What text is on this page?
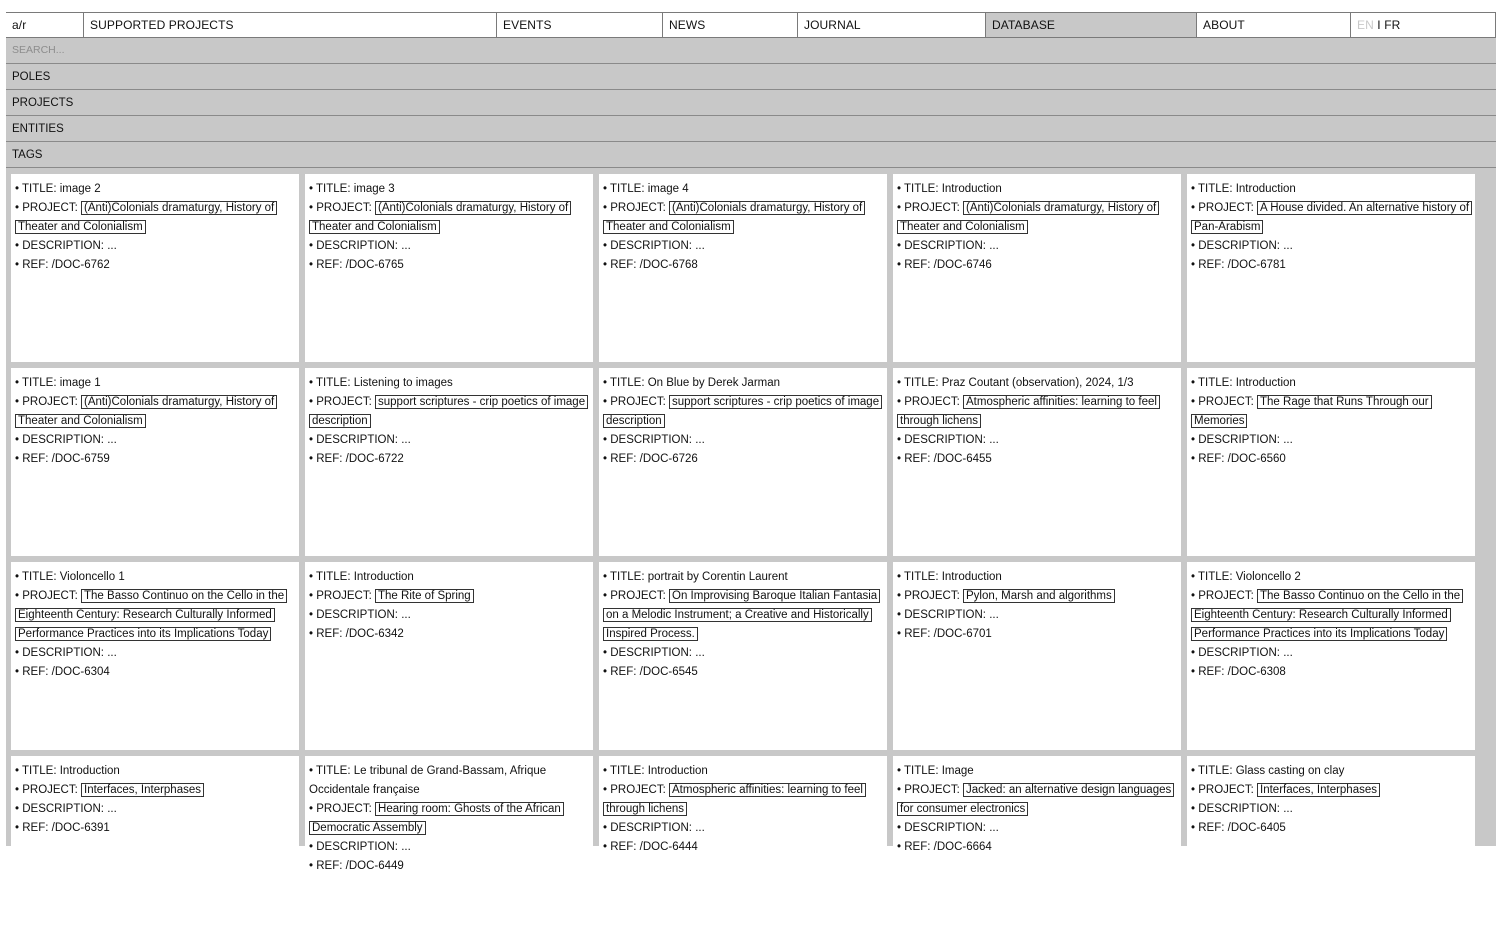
a/r	SUPPORTED PROJECTS	EVENTS	NEWS	JOURNAL	DATABASE	ABOUT	EN I FR
SEARCH...
POLES
PROJECTS
ENTITIES
TAGS
• TITLE: image 2
• PROJECT: (Anti)Colonials dramaturgy, History of Theater and Colonialism
• DESCRIPTION: ...
• REF: /DOC-6762
• TITLE: image 3
• PROJECT: (Anti)Colonials dramaturgy, History of Theater and Colonialism
• DESCRIPTION: ...
• REF: /DOC-6765
• TITLE: image 4
• PROJECT: (Anti)Colonials dramaturgy, History of Theater and Colonialism
• DESCRIPTION: ...
• REF: /DOC-6768
• TITLE: Introduction
• PROJECT: (Anti)Colonials dramaturgy, History of Theater and Colonialism
• DESCRIPTION: ...
• REF: /DOC-6746
• TITLE: Introduction
• PROJECT: A House divided. An alternative history of Pan-Arabism
• DESCRIPTION: ...
• REF: /DOC-6781
• TITLE: image 1
• PROJECT: (Anti)Colonials dramaturgy, History of Theater and Colonialism
• DESCRIPTION: ...
• REF: /DOC-6759
• TITLE: Listening to images
• PROJECT: support scriptures - crip poetics of image description
• DESCRIPTION: ...
• REF: /DOC-6722
• TITLE: On Blue by Derek Jarman
• PROJECT: support scriptures - crip poetics of image description
• DESCRIPTION: ...
• REF: /DOC-6726
• TITLE: Praz Coutant (observation), 2024, 1/3
• PROJECT: Atmospheric affinities: learning to feel through lichens
• DESCRIPTION: ...
• REF: /DOC-6455
• TITLE: Introduction
• PROJECT: The Rage that Runs Through our Memories
• DESCRIPTION: ...
• REF: /DOC-6560
• TITLE: Violoncello 1
• PROJECT: The Basso Continuo on the Cello in the Eighteenth Century: Research Culturally Informed Performance Practices into its Implications Today
• DESCRIPTION: ...
• REF: /DOC-6304
• TITLE: Introduction
• PROJECT: The Rite of Spring
• DESCRIPTION: ...
• REF: /DOC-6342
• TITLE: portrait by Corentin Laurent
• PROJECT: On Improvising Baroque Italian Fantasia on a Melodic Instrument; a Creative and Historically Inspired Process.
• DESCRIPTION: ...
• REF: /DOC-6545
• TITLE: Introduction
• PROJECT: Pylon, Marsh and algorithms
• DESCRIPTION: ...
• REF: /DOC-6701
• TITLE: Violoncello 2
• PROJECT: The Basso Continuo on the Cello in the Eighteenth Century: Research Culturally Informed Performance Practices into its Implications Today
• DESCRIPTION: ...
• REF: /DOC-6308
• TITLE: Introduction
• PROJECT: Interfaces, Interphases
• DESCRIPTION: ...
• REF: /DOC-6391
• TITLE: Le tribunal de Grand-Bassam, Afrique Occidentale française
• PROJECT: Hearing room: Ghosts of the African Democratic Assembly
• DESCRIPTION: ...
• REF: /DOC-6449
• TITLE: Introduction
• PROJECT: Atmospheric affinities: learning to feel through lichens
• DESCRIPTION: ...
• REF: /DOC-6444
• TITLE: Image
• PROJECT: Jacked: an alternative design languages for consumer electronics
• DESCRIPTION: ...
• REF: /DOC-6664
• TITLE: Glass casting on clay
• PROJECT: Interfaces, Interphases
• DESCRIPTION: ...
• REF: /DOC-6405
